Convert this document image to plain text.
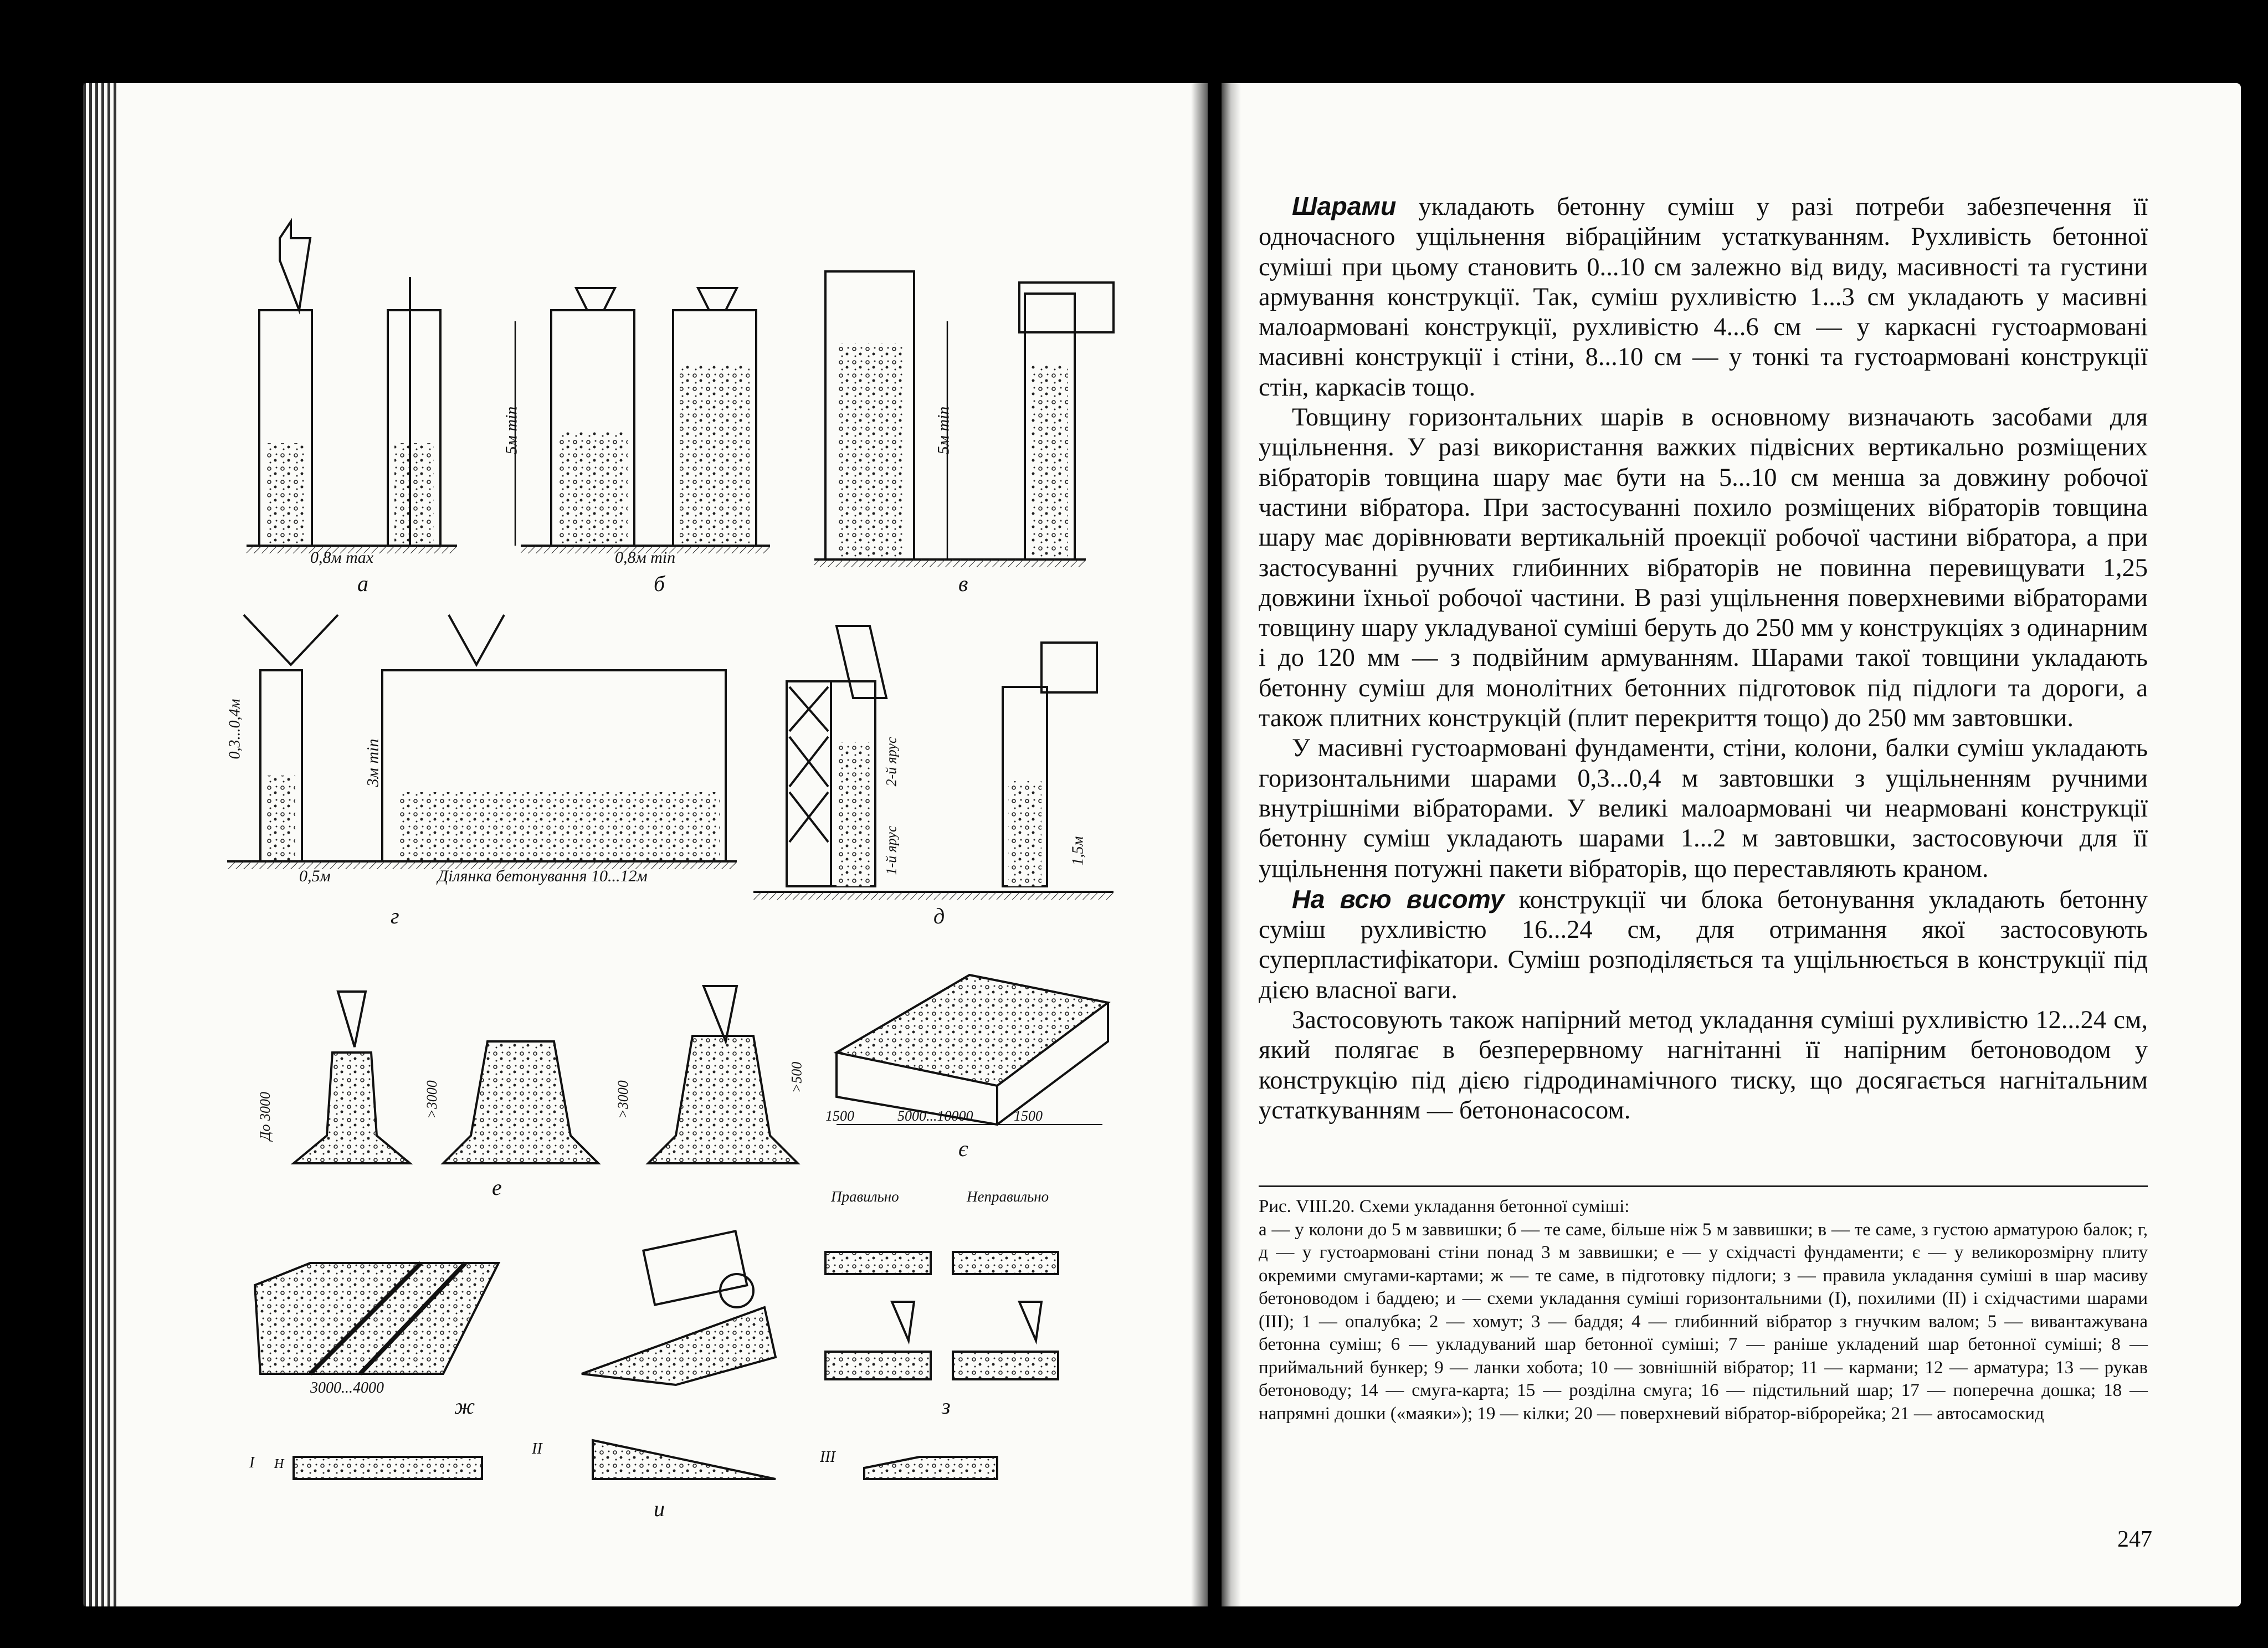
а	б	в
г	д
е
є
ж	з
и
0,8м max	0,8м min
5м min	5м min
3м min
0,3...0,4м
0,5м	Ділянка бетонування 10...12м
2-й ярус
1-й ярус	1,5м
До 3000	>3000	>3000
>500
1500	5000...10000	1500
3000...4000
Правильно	Неправильно
I
II	III
H

Шарами укладають бетонну суміш у разі потреби забезпечення її одночасного ущільнення вібраційним устаткуванням. Рухливість бетонної суміші при цьому становить 0...10 см залежно від виду, масивності та густини армування конструкції. Так, суміш рухливістю 1...3 см укладають у масивні малоармовані конструкції, рухливістю 4...6 см — у каркасні густоармовані масивні конструкції і стіни, 8...10 см — у тонкі та густоармовані конструкції стін, каркасів тощо.

Товщину горизонтальних шарів в основному визначають засобами для ущільнення. У разі використання важких підвісних вертикально розміщених вібраторів товщина шару має бути на 5...10 см менша за довжину робочої частини вібратора. При застосуванні похило розміщених вібраторів товщина шару має дорівнювати вертикальній проекції робочої частини вібратора, а при застосуванні ручних глибинних вібраторів не повинна перевищувати 1,25 довжини їхньої робочої частини. В разі ущільнення поверхневими вібраторами товщину шару укладуваної суміші беруть до 250 мм у конструкціях з одинарним і до 120 мм — з подвійним армуванням. Шарами такої товщини укладають бетонну суміш для монолітних бетонних підготовок під підлоги та дороги, а також плитних конструкцій (плит перекриття тощо) до 250 мм завтовшки.

У масивні густоармовані фундаменти, стіни, колони, балки суміш укладають горизонтальними шарами 0,3...0,4 м завтовшки з ущільненням ручними внутрішніми вібраторами. У великі малоармовані чи неармовані конструкції бетонну суміш укладають шарами 1...2 м завтовшки, застосовуючи для її ущільнення потужні пакети вібраторів, що переставляють краном.

На всю висоту конструкції чи блока бетонування укладають бетонну суміш рухливістю 16...24 см, для отримання якої застосовують суперпластифікатори. Суміш розподіляється та ущільнюється в конструкції під дією власної ваги.

Застосовують також напірний метод укладання суміші рухливістю 12...24 см, який полягає в безперервному нагнітанні її напірним бетоноводом у конструкцію під дією гідродинамічного тиску, що досягається нагнітальним устаткуванням — бетононасосом.

Рис. VIII.20. Схеми укладання бетонної суміші:
а — у колони до 5 м заввишки; б — те саме, більше ніж 5 м заввишки; в — те саме, з густою арматурою балок; г, д — у густоармовані стіни понад 3 м заввишки; е — у східчасті фундаменти; є — у великорозмірну плиту окремими смугами-картами; ж — те саме, в підготовку підлоги; з — правила укладання суміші в шар масиву бетоноводом і баддею; и — схеми укладання суміші горизонтальними (I), похилими (II) і східчастими шарами (III); 1 — опалубка; 2 — хомут; 3 — баддя; 4 — глибинний вібратор з гнучким валом; 5 — вивантажувана бетонна суміш; 6 — укладуваний шар бетонної суміші; 7 — раніше укладений шар бетонної суміші; 8 — приймальний бункер; 9 — ланки хобота; 10 — зовнішній вібратор; 11 — кармани; 12 — арматура; 13 — рукав бетоноводу; 14 — смуга-карта; 15 — розділна смуга; 16 — підстильний шар; 17 — поперечна дошка; 18 — напрямні дошки («маяки»); 19 — кілки; 20 — поверхневий вібратор-віброрейка; 21 — автосамоскид
247
